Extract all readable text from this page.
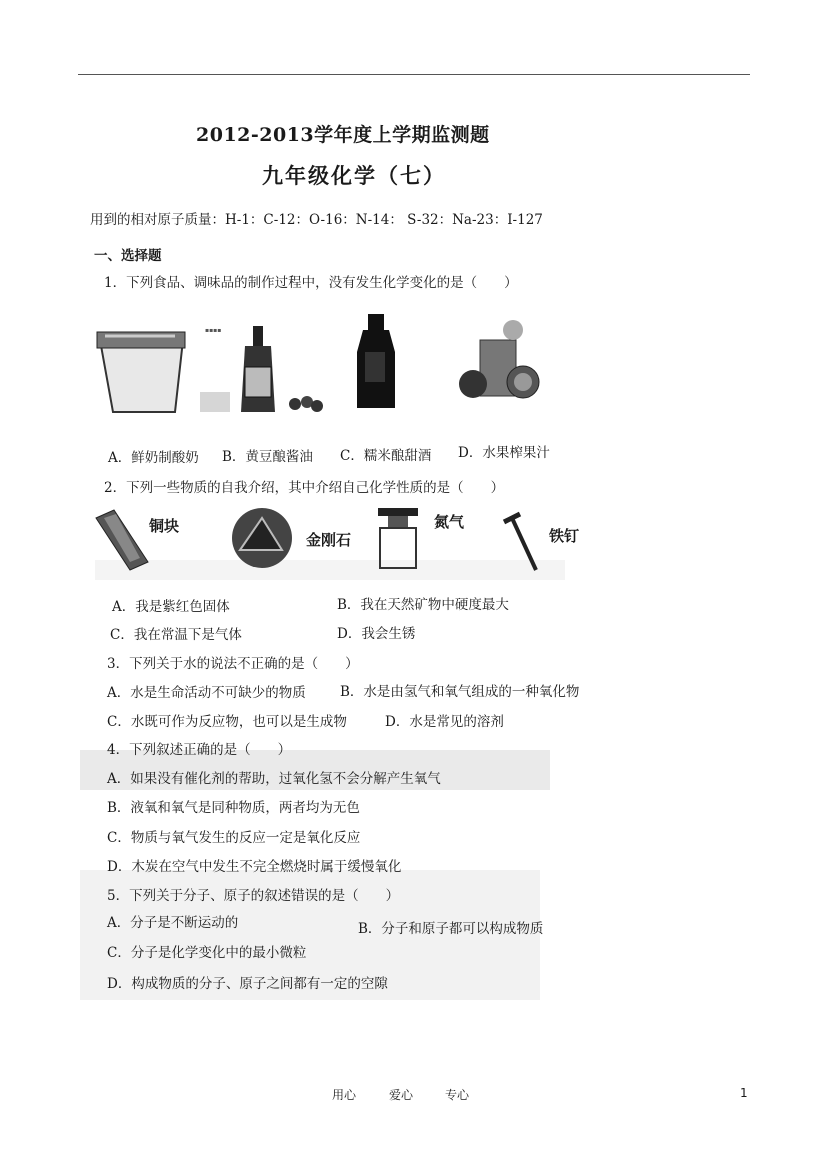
2012-2013学年度上学期监测题
九年级化学（七）
用到的相对原子质量：H-1：C-12：O-16：N-14： S-32：Na-23：I-127
一、选择题
1．下列食品、调味品的制作过程中，没有发生化学变化的是（　　）
▪▪▪▪
A．鲜奶制酸奶 B．黄豆酿酱油 C．糯米酿甜酒 D．水果榨果汁
2．下列一些物质的自我介绍，其中介绍自己化学性质的是（　　）
铜块
金刚石
氮气
铁钉
A．我是紫红色固体	B．我在天然矿物中硬度最大
C．我在常温下是气体	D．我会生锈
3．下列关于水的说法不正确的是（　　）
A．水是生命活动不可缺少的物质	B．水是由氢气和氧气组成的一种氧化物
C．水既可作为反应物，也可以是生成物	D．水是常见的溶剂
4．下列叙述正确的是（　　）
A．如果没有催化剂的帮助，过氧化氢不会分解产生氧气
B．液氧和氧气是同种物质，两者均为无色
C．物质与氧气发生的反应一定是氧化反应
D．木炭在空气中发生不完全燃烧时属于缓慢氧化
5．下列关于分子、原子的叙述错误的是（　　）
A．分子是不断运动的	B．分子和原子都可以构成物质
C．分子是化学变化中的最小微粒
D．构成物质的分子、原子之间都有一定的空隙
用心	爱心	专心	1
